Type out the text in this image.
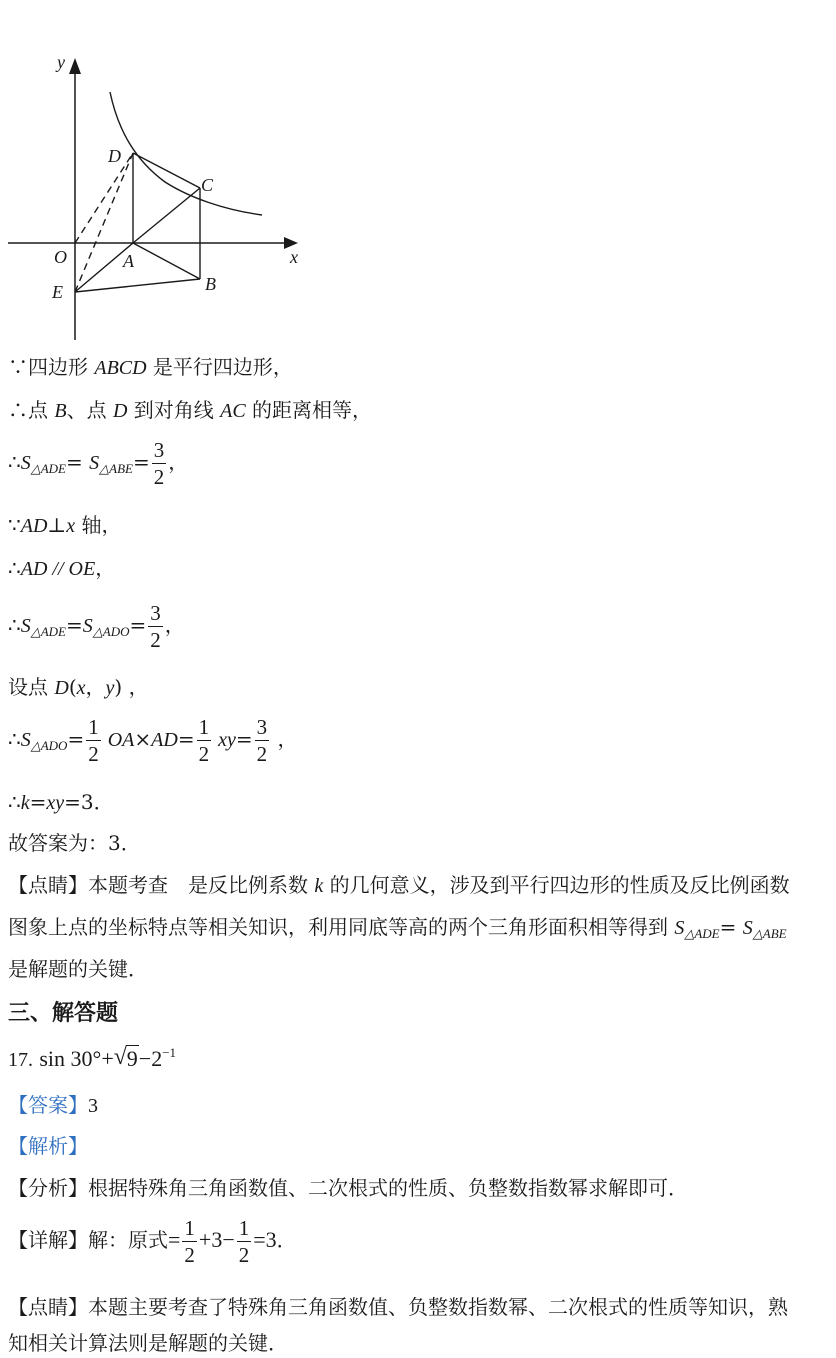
y
x
O	A
B
C
D
E
∵四边形 ABCD 是平行四边形，
∴点 B、点 D 到对角线 AC 的距离相等，
$\therefore S_{\triangle ADE}= S_{\triangle ABE}= \frac{3}{2}$ ，
∵AD⊥x 轴，
∴AD // OE，
$\therefore S_{\triangle ADE}=S_{\triangle ADO}= \frac{3}{2}$ ，
设点 D(x，y) ，
$\therefore S_{\triangle ADO}= \frac{1}{2} OA\times AD= \frac{1}{2} xy= \frac{3}{2}$ ，
∴k=xy=3．
故答案为：3．
【点睛】本题考查 是反比例系数 k 的几何意义，涉及到平行四边形的性质及反比例函数
图象上点的坐标特点等相关知识，利用同底等高的两个三角形面积相等得到 $S_{\triangle ADE}= S_{\triangle ABE}$
是解题的关键．
三、解答题
17. sin 30°+ √ $9-2^{-1}$
【答案】3
【解析】
【分析】根据特殊角三角函数值、二次根式的性质、负整数指数幂求解即可．
【详解】解：原式= $\frac{1}{2} +3- \frac{1}{2} =3$．
【点睛】本题主要考查了特殊角三角函数值、负整数指数幂、二次根式的性质等知识，熟
知相关计算法则是解题的关键．
